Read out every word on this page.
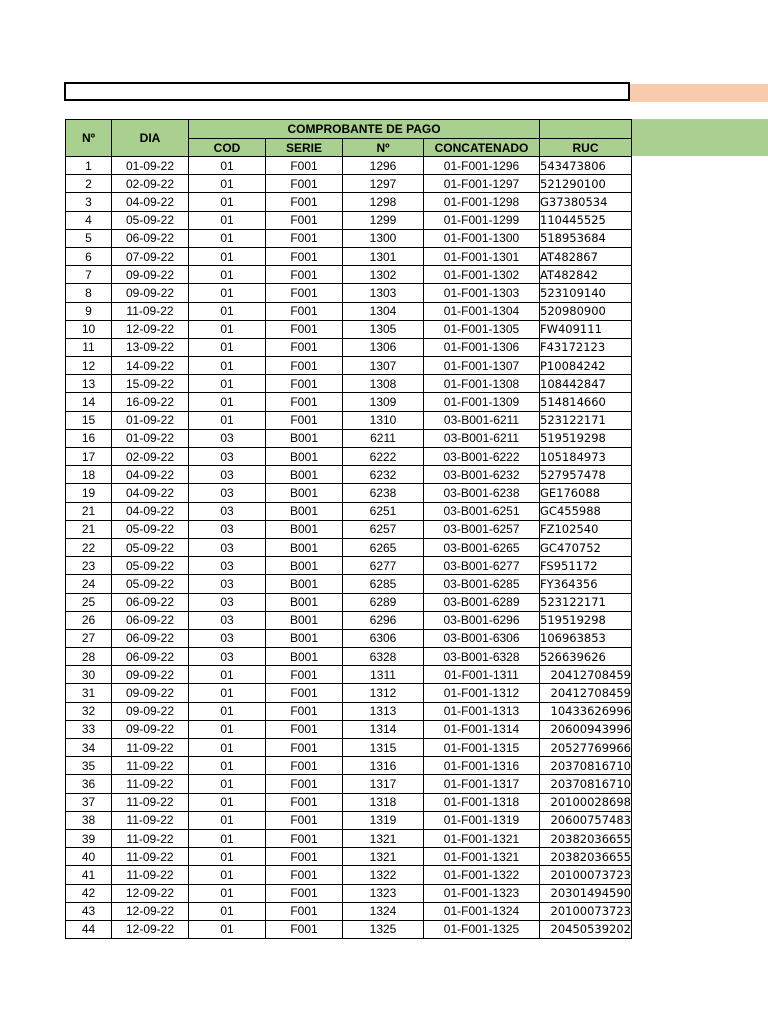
Nº	DIA	COMPROBANTE DE PAGO				
		COD	SERIE	Nº	CONCATENADO	RUC
1	01-09-22	01	F001	1296	01-F001-1296	543473806
2	02-09-22	01	F001	1297	01-F001-1297	521290100
3	04-09-22	01	F001	1298	01-F001-1298	G37380534
4	05-09-22	01	F001	1299	01-F001-1299	110445525
5	06-09-22	01	F001	1300	01-F001-1300	518953684
6	07-09-22	01	F001	1301	01-F001-1301	AT482867
7	09-09-22	01	F001	1302	01-F001-1302	AT482842
8	09-09-22	01	F001	1303	01-F001-1303	523109140
9	11-09-22	01	F001	1304	01-F001-1304	520980900
10	12-09-22	01	F001	1305	01-F001-1305	FW409111
11	13-09-22	01	F001	1306	01-F001-1306	F43172123
12	14-09-22	01	F001	1307	01-F001-1307	P10084242
13	15-09-22	01	F001	1308	01-F001-1308	108442847
14	16-09-22	01	F001	1309	01-F001-1309	514814660
15	01-09-22	01	F001	1310	03-B001-6211	523122171
16	01-09-22	03	B001	6211	03-B001-6211	519519298
17	02-09-22	03	B001	6222	03-B001-6222	105184973
18	04-09-22	03	B001	6232	03-B001-6232	527957478
19	04-09-22	03	B001	6238	03-B001-6238	GE176088
21	04-09-22	03	B001	6251	03-B001-6251	GC455988
21	05-09-22	03	B001	6257	03-B001-6257	FZ102540
22	05-09-22	03	B001	6265	03-B001-6265	GC470752
23	05-09-22	03	B001	6277	03-B001-6277	FS951172
24	05-09-22	03	B001	6285	03-B001-6285	FY364356
25	06-09-22	03	B001	6289	03-B001-6289	523122171
26	06-09-22	03	B001	6296	03-B001-6296	519519298
27	06-09-22	03	B001	6306	03-B001-6306	106963853
28	06-09-22	03	B001	6328	03-B001-6328	526639626
30	09-09-22	01	F001	1311	01-F001-1311	20412708459
31	09-09-22	01	F001	1312	01-F001-1312	20412708459
32	09-09-22	01	F001	1313	01-F001-1313	10433626996
33	09-09-22	01	F001	1314	01-F001-1314	20600943996
34	11-09-22	01	F001	1315	01-F001-1315	20527769966
35	11-09-22	01	F001	1316	01-F001-1316	20370816710
36	11-09-22	01	F001	1317	01-F001-1317	20370816710
37	11-09-22	01	F001	1318	01-F001-1318	20100028698
38	11-09-22	01	F001	1319	01-F001-1319	20600757483
39	11-09-22	01	F001	1321	01-F001-1321	20382036655
40	11-09-22	01	F001	1321	01-F001-1321	20382036655
41	11-09-22	01	F001	1322	01-F001-1322	20100073723
42	12-09-22	01	F001	1323	01-F001-1323	20301494590
43	12-09-22	01	F001	1324	01-F001-1324	20100073723
44	12-09-22	01	F001	1325	01-F001-1325	20450539202
